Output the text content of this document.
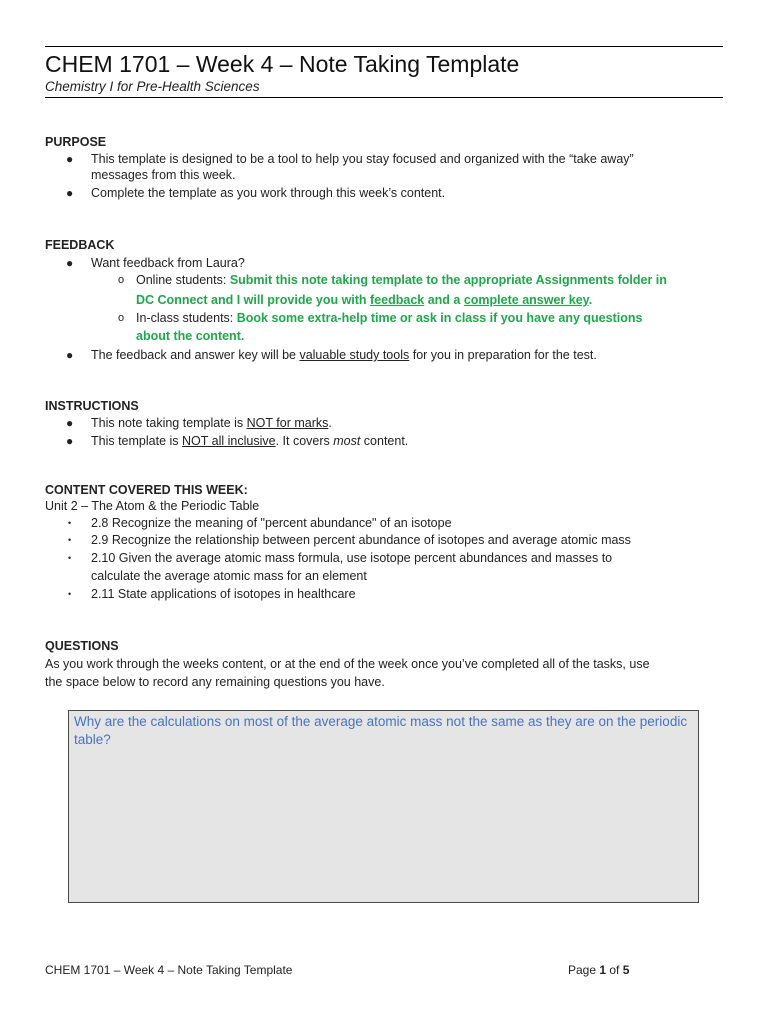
CHEM 1701 – Week 4 – Note Taking Template
Chemistry I for Pre-Health Sciences
PURPOSE
● This template is designed to be a tool to help you stay focused and organized with the “take away”
messages from this week.
● Complete the template as you work through this week’s content.
FEEDBACK
● Want feedback from Laura?
o Online students: Submit this note taking template to the appropriate Assignments folder in
DC Connect and I will provide you with feedback and a complete answer key.
o In-class students: Book some extra-help time or ask in class if you have any questions
about the content.
● The feedback and answer key will be valuable study tools for you in preparation for the test.
INSTRUCTIONS
● This note taking template is NOT for marks.
● This template is NOT all inclusive. It covers most content.
CONTENT COVERED THIS WEEK:
Unit 2 – The Atom & the Periodic Table
• 2.8 Recognize the meaning of "percent abundance" of an isotope
• 2.9 Recognize the relationship between percent abundance of isotopes and average atomic mass
• 2.10 Given the average atomic mass formula, use isotope percent abundances and masses to
calculate the average atomic mass for an element
• 2.11 State applications of isotopes in healthcare
QUESTIONS
As you work through the weeks content, or at the end of the week once you’ve completed all of the tasks, use
the space below to record any remaining questions you have.
Why are the calculations on most of the average atomic mass not the same as they are on the periodic table?
CHEM 1701 – Week 4 – Note Taking Template	Page 1 of 5
